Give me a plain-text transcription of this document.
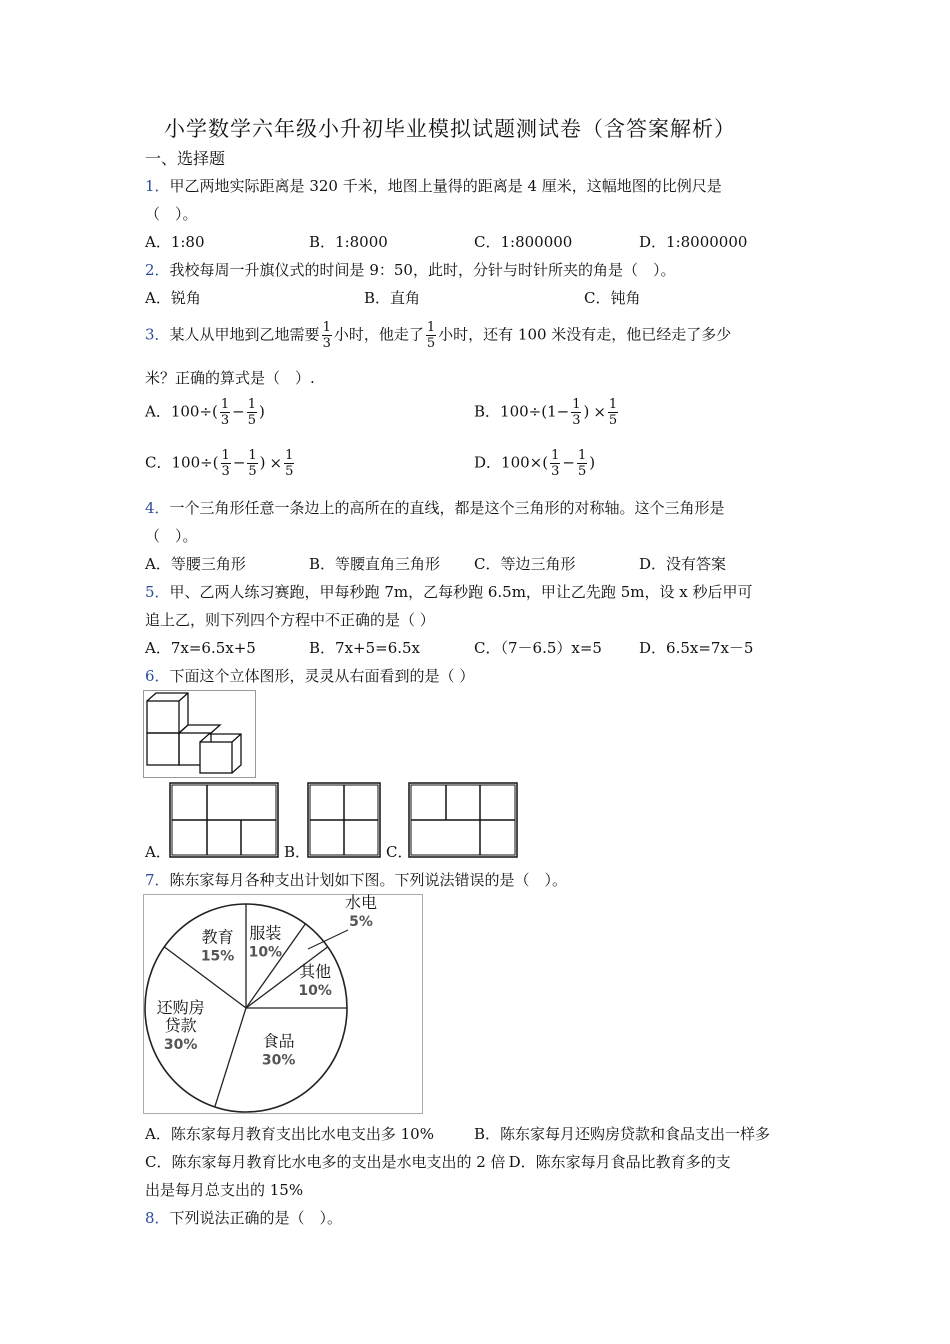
小学数学六年级小升初毕业模拟试题测试卷（含答案解析）
一、选择题
1．甲乙两地实际距离是 320 千米，地图上量得的距离是 4 厘米，这幅地图的比例尺是
（　）。
A．1:80	B．1:8000	C．1:800000	D．1:8000000
2．我校每周一升旗仪式的时间是 9：50，此时，分针与时针所夹的角是（　）。
A．锐角	B．直角	C．钝角
3．某人从甲地到乙地需要 $\frac{1}{3}$ 小时，他走了 $\frac{1}{5}$ 小时，还有 100 米没有走，他已经走了多少
米？正确的算式是（　）.
A．$100\div( \frac{1}{3} - \frac{1}{5}$ )	B．$100\div(1- \frac{1}{3}$ ) × $\frac{1}{5}$
C．$100\div( \frac{1}{3} - \frac{1}{5}$ ) × $\frac{1}{5}$	D．$100\times( \frac{1}{3} - \frac{1}{5}$ )
4．一个三角形任意一条边上的高所在的直线，都是这个三角形的对称轴。这个三角形是
（　）。
A．等腰三角形	B．等腰直角三角形 C．等边三角形	D．没有答案
5．甲、乙两人练习赛跑，甲每秒跑 7m，乙每秒跑 6.5m，甲让乙先跑 5m，设 x 秒后甲可
追上乙，则下列四个方程中不正确的是（ ）
A．7x=6.5x+5	B．7x+5=6.5x	C．（7－6.5）x=5 D．6.5x=7x－5
6．下面这个立体图形，灵灵从右面看到的是（ ）
A．	B．	C．
7．陈东家每月各种支出计划如下图。下列说法错误的是（　）。
服装
10%
水电
5%
其他
10%
食品
30%
还购房
贷款
30%
教育
15%
A．陈东家每月教育支出比水电支出多 10%	B．陈东家每月还购房贷款和食品支出一样多
C．陈东家每月教育比水电多的支出是水电支出的 2 倍 D．陈东家每月食品比教育多的支
出是每月总支出的 15%
8．下列说法正确的是（　）。
